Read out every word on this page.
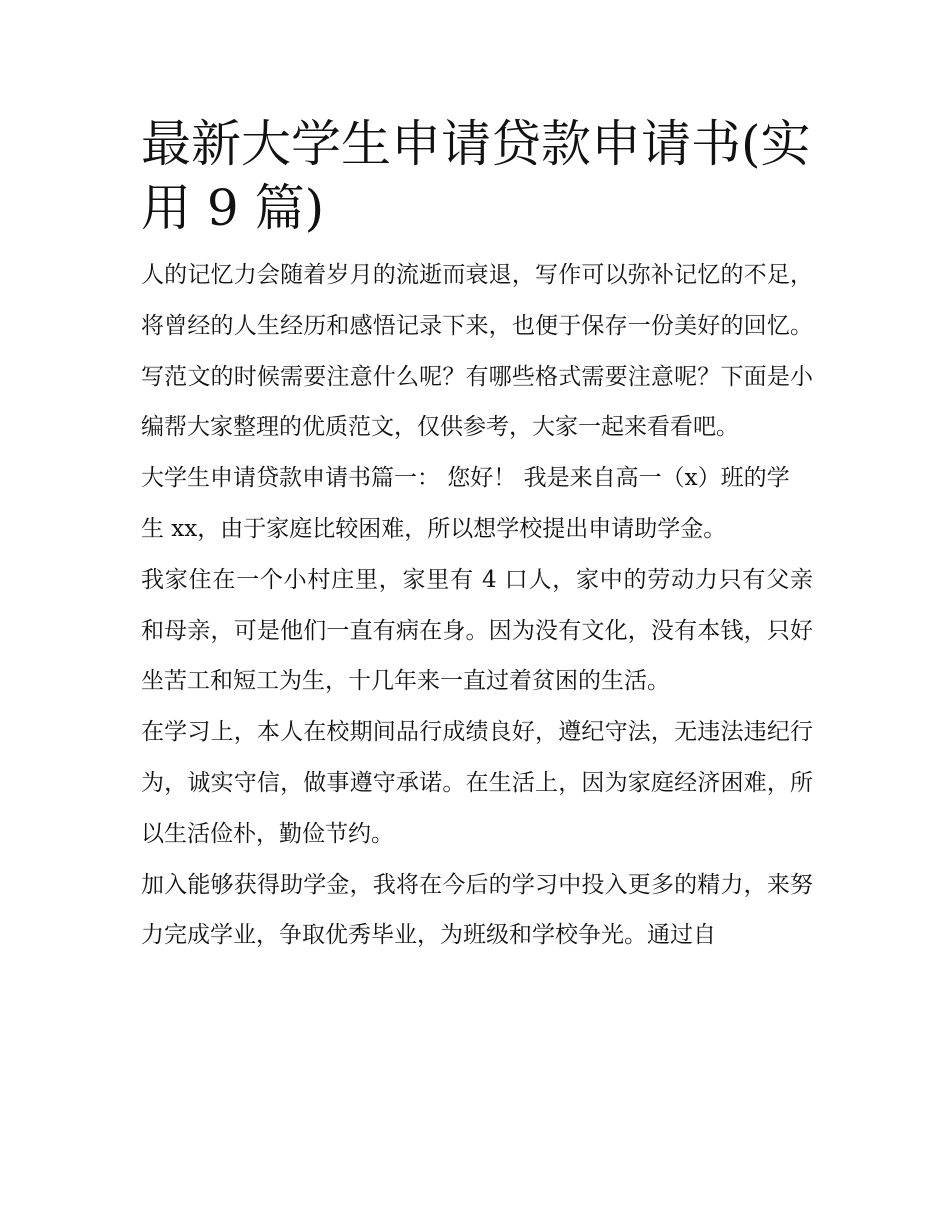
最新大学生申请贷款申请书(实用 9 篇)

人的记忆力会随着岁月的流逝而衰退，写作可以弥补记忆的不足，将曾经的人生经历和感悟记录下来，也便于保存一份美好的回忆。写范文的时候需要注意什么呢？有哪些格式需要注意呢？下面是小编帮大家整理的优质范文，仅供参考，大家一起来看看吧。

大学生申请贷款申请书篇一： 您好！ 我是来自高一（x）班的学生 xx，由于家庭比较困难，所以想学校提出申请助学金。

我家住在一个小村庄里，家里有 4 口人，家中的劳动力只有父亲和母亲，可是他们一直有病在身。因为没有文化，没有本钱，只好坐苦工和短工为生，十几年来一直过着贫困的生活。

在学习上，本人在校期间品行成绩良好，遵纪守法，无违法违纪行为，诚实守信，做事遵守承诺。在生活上，因为家庭经济困难，所以生活俭朴，勤俭节约。

加入能够获得助学金，我将在今后的学习中投入更多的精力，来努力完成学业，争取优秀毕业，为班级和学校争光。通过自
